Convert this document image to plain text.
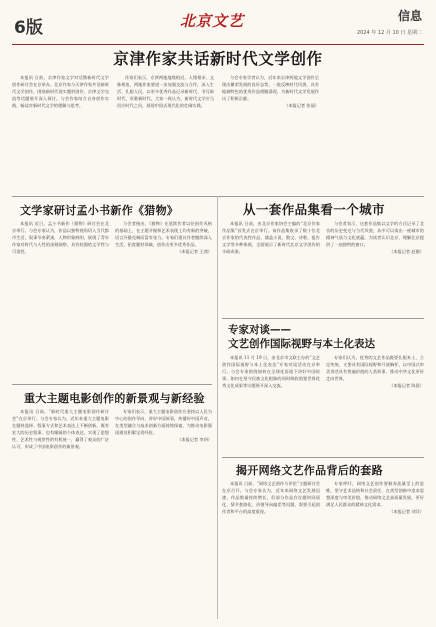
6版	北京文艺	信息
2024 年 12 月 10 日 星期二
京津作家共话新时代文学创作

本报讯 日前，京津作家文学对话暨新时代文学创作研讨会在京举办。北京作家与天津作家共话新时代文学创作，围绕新时代现实题材创作、京津文学交流等话题展开深入探讨。与会作家结合自身创作实践，畅谈对新时代文学的理解与思考。

作家们表示，京津两地地缘相近、人缘相亲、文脉相连，两地作家要进一步加强交流与合作，深入生活、扎根人民，以更多优秀作品记录新时代、书写新时代、讴歌新时代。大家一致认为，新时代文学应当回应时代之问，展现中国式现代化的壮阔实践。

与会专家学者认为，近年来京津两地文学创作呈现出繁荣发展的良好态势，一批反映时代风貌、具有地域特色的优秀作品相继涌现，为新时代文学发展作出了积极贡献。

（本报记者 张丽）

文学家研讨孟小书新作《猎物》

本报讯 近日，孟小书新作《猎物》研讨会在北京举行。与会专家认为，作品以独特视角切入当代都市生活，叙事节奏紧凑，人物形象鲜明，展现了青年作家对时代与人性的深刻洞察，具有较强的文学性与可读性。

与会者指出，《猎物》在延续作者以往创作风格的基础上，在主题开掘和艺术表现上均有新的突破，语言冷静克制而富有张力。专家们建议作者继续深入生活，拓宽题材领域，创作出更多优秀作品。

（本报记者 王茜）

重大主题电影创作的新景观与新经验

本报讯 日前，“新时代重大主题电影创作研讨会”在京举行。与会专家认为，近年来重大主题电影在题材选择、叙事方式和艺术表达上不断创新，既有宏大的历史叙事，也有细腻的个体表达，实现了思想性、艺术性与观赏性的有机统一，赢得了观众的广泛认可，形成了中国电影创作的新景观。

专家们表示，重大主题电影创作应坚持以人民为中心的创作导向，讲好中国故事，传播好中国声音，在类型融合与技术创新方面持续探索，为推动电影强国建设积累宝贵经验。

（本报记者 李四）

从一套作品集看一个城市

本报讯 日前，由北京作家协会主编的“北京作家作品集”首发式在京举行。该作品集收录了数十位北京作家的代表性作品，涵盖小说、散文、诗歌、报告文学等多种体裁，全面展示了新时代北京文学创作的丰硕成果。

与会者表示，这套作品集以文学的方式记录了北京的历史变迁与当代风貌，从中可以读出一座城市的精神气质与文化底蕴，为读者认识北京、理解北京提供了一扇独特的窗口。

（本报记者 赵敏）

专家对谈——
文艺创作国际视野与本土化表达

本报讯 11 月 19 日，由北京市文联主办的“文艺创作国际视野与本土化表达”专家对谈活动在京举行。与会专家围绕如何在全球化语境下讲好中国故事、如何在坚守民族文化根脉的同时吸收借鉴世界优秀文化成果等议题展开深入交流。

专家们认为，优秀的文艺作品既要扎根本土、立足传统，又要具有国际视野和开放胸怀，以中国式审美讲述具有普遍价值的人类故事，推动中华文化更好走向世界。

（本报记者 陈晨）

揭开网络文艺作品背后的套路

本报讯 日前，“网络文艺创作与评论”主题研讨会在京召开。与会专家认为，近年来网络文艺发展迅速，作品数量持续增长，但部分作品存在题材同质化、情节套路化、价值导向偏差等问题，需要引起创作者和平台的高度重视。

专家呼吁，网络文艺创作要摒弃流量至上的思维，坚守艺术品格和社会责任，在类型创新中追求思想深度与审美价值，推动网络文艺高质量发展，更好满足人民群众的精神文化需求。

（本报记者 刘洋）
